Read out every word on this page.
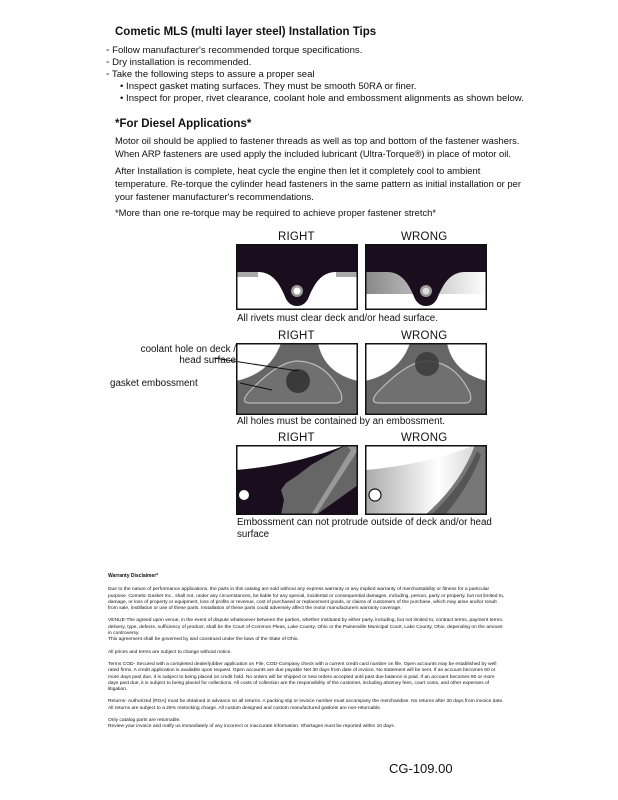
Cometic MLS (multi layer steel) Installation Tips
◦ Follow manufacturer's recommended torque specifications.
◦ Dry installation is recommended.
◦ Take the following steps to assure a proper seal
• Inspect gasket mating surfaces. They must be smooth 50RA or finer.
• Inspect for proper, rivet clearance, coolant hole and embossment alignments as shown below.
*For Diesel Applications*
Motor oil should be applied to fastener threads as well as top and bottom of the fastener washers. When ARP fasteners are used apply the included lubricant (Ultra-Torque®) in place of motor oil.
After Installation is complete, heat cycle the engine then let it completely cool to ambient temperature. Re-torque the cylinder head fasteners in the same pattern as initial installation or per your fastener manufacturer's recommendations.
*More than one re-torque may be required to achieve proper fastener stretch*
RIGHT	WRONG
RIGHT	WRONG
RIGHT	WRONG
All rivets must clear deck and/or head surface.
coolant hole on deck / head surface
gasket embossment
All holes must be contained by an embossment.
Embossment can not protrude outside of deck and/or head surface
Warranty Disclaimer*

Due to the nature of performance applications, the parts in this catalog are sold without any express warranty or any implied warranty of merchantability or fitness for a particular purpose. Cometic Gasket Inc., shall not, under any circumstances, be liable for any special, incidental or consequential damages, including, person, party or property, but not limited to, damage, or loss of property or equipment, loss of profits or revenue, cost of purchased or replacement goods, or claims of customers of the purchase, which may arise and/or result from sale, instillation or use of these parts. Installation of these parts could adversely affect the motor manufacturers warranty coverage.

VENUE-The agreed upon venue, in the event of dispute whatsoever between the parties, whether instituted by either party, including, but not limited to, contract terms, payment terms, delivery, type, defects, sufficiency of product, shall be the Court of Common Pleas, Lake County, Ohio or the Painesville Municipal Court, Lake County, Ohio, depending on the amount in controversy.
This agreement shall be governed by and construed under the laws of the State of Ohio.

All prices and terms are subject to change without notice.

Terms COD- Secured with a completed dealer/jobber application on File, COD-Company check with a current credit card number on file. Open accounts may be established by well rated firms. A credit application is available upon request. Open accounts are due payable Net 30 days from date of invoice. No statement will be sent. If an account becomes 60 or more days past due, it is subject to being placed on credit hold. No orders will be shipped or new orders accepted until past due balance is paid. If an account becomes 90 or more days past due, it is subject to being placed for collections. All costs of collection are the responsibility of the customer, including attorney fees, court costs, and other expenses of litigation.

Returns- Authorized (RGA) must be obtained in advance on all returns. A packing slip or invoice number must accompany the merchandise. No returns after 30 days from invoice date. All returns are subject to a 25% restocking charge. All custom designed and custom manufactured gaskets are non-returnable.

Only catalog parts are returnable.
Review your invoice and notify us immediately of any incorrect or inaccurate information. Shortages must be reported within 10 days.

CG-109.00
